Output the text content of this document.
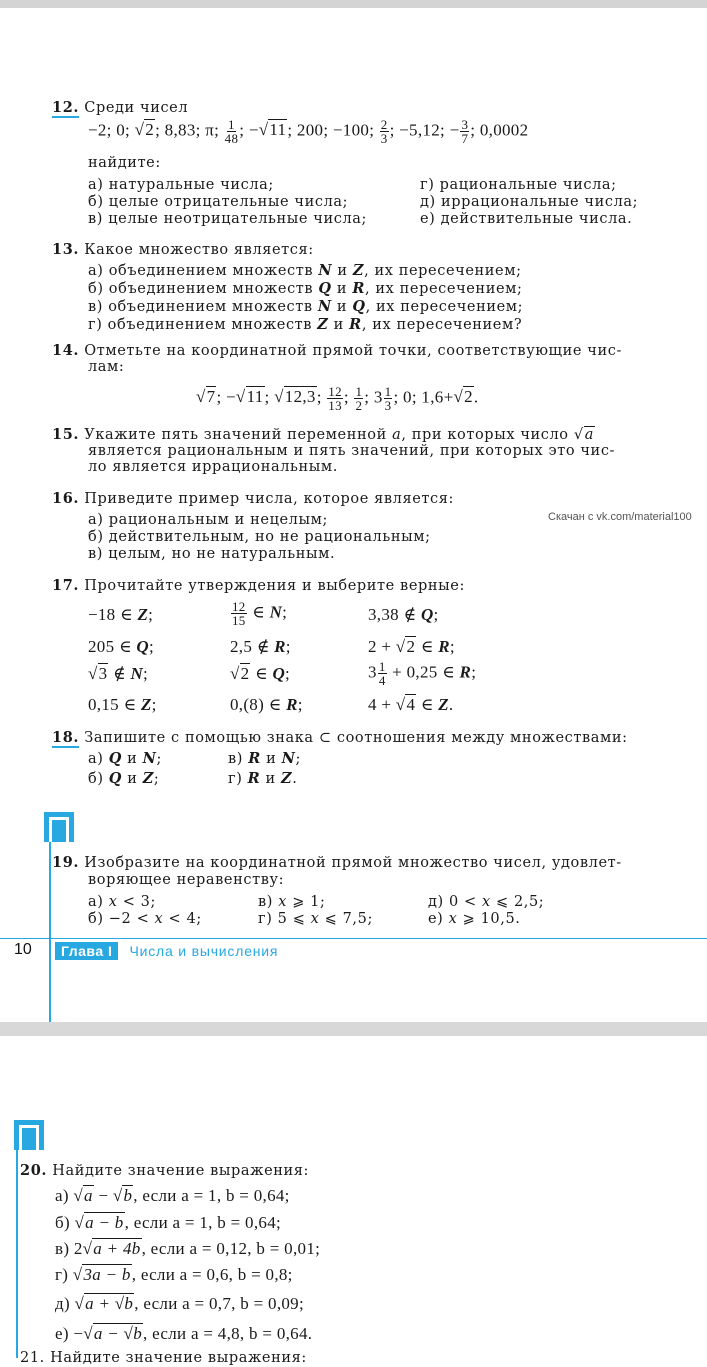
12. Среди чисел
−2; 0; √2; 8,83; π; $\frac{1}{48}$ ; −√11; 200; −100; $\frac{2}{3}$ ; −5,12; − $\frac{3}{7}$ ; 0,0002
найдите:
а) натуральные числа;
б) целые отрицательные числа;
в) целые неотрицательные числа;
г) рациональные числа;
д) иррациональные числа;
е) действительные числа.
13. Какое множество является:
а) объединением множеств N и Z, их пересечением;
б) объединением множеств Q и R, их пересечением;
в) объединением множеств N и Q, их пересечением;
г) объединением множеств Z и R, их пересечением?
14. Отметьте на координатной прямой точки, соответствующие чис-
лам:
√7; −√11; √12,3; $\frac{12}{13}$ ; $\frac{1}{2}$ ; $3 \frac{1}{3}$ ; 0; 1,6+√2.
15. Укажите пять значений переменной a, при которых число √a
является рациональным и пять значений, при которых это чис-
ло является иррациональным.
16. Приведите пример числа, которое является:
а) рациональным и нецелым;
б) действительным, но не рациональным;
в) целым, но не натуральным.
Скачан с vk.com/material100
17. Прочитайте утверждения и выберите верные:
−18 ∈ Z;
205 ∈ Q;
√3 ∉ N;
0,15 ∈ Z;
$\frac{12}{15}$ ∈ N;
2,5 ∉ R;
√2 ∈ Q;
0,(8) ∈ R;
3,38 ∉ Q;
2 + √2 ∈ R;
$3 \frac{1}{4} + 0,25$ ∈ R;
4 + √4 ∈ Z.
18. Запишите с помощью знака ⊂ соотношения между множествами:
а) Q и N;
б) Q и Z;
в) R и N;
г) R и Z.
19. Изобразите на координатной прямой множество чисел, удовлет-
воряющее неравенству:
а) x < 3;
б) −2 < x < 4;
в) x ⩾ 1;
г) 5 ⩽ x ⩽ 7,5;
д) 0 < x ⩽ 2,5;
е) x ⩾ 10,5.
10	Глава I Числа и вычисления
20. Найдите значение выражения:
а) √a − √b, если a = 1, b = 0,64;
б) √a − b, если a = 1, b = 0,64;
в) 2√a + 4b, если a = 0,12, b = 0,01;
г) √3a − b, если a = 0,6, b = 0,8;
д) √a + √b, если a = 0,7, b = 0,09;
е) −√a − √b, если a = 4,8, b = 0,64.
21. Найдите значение выражения:
